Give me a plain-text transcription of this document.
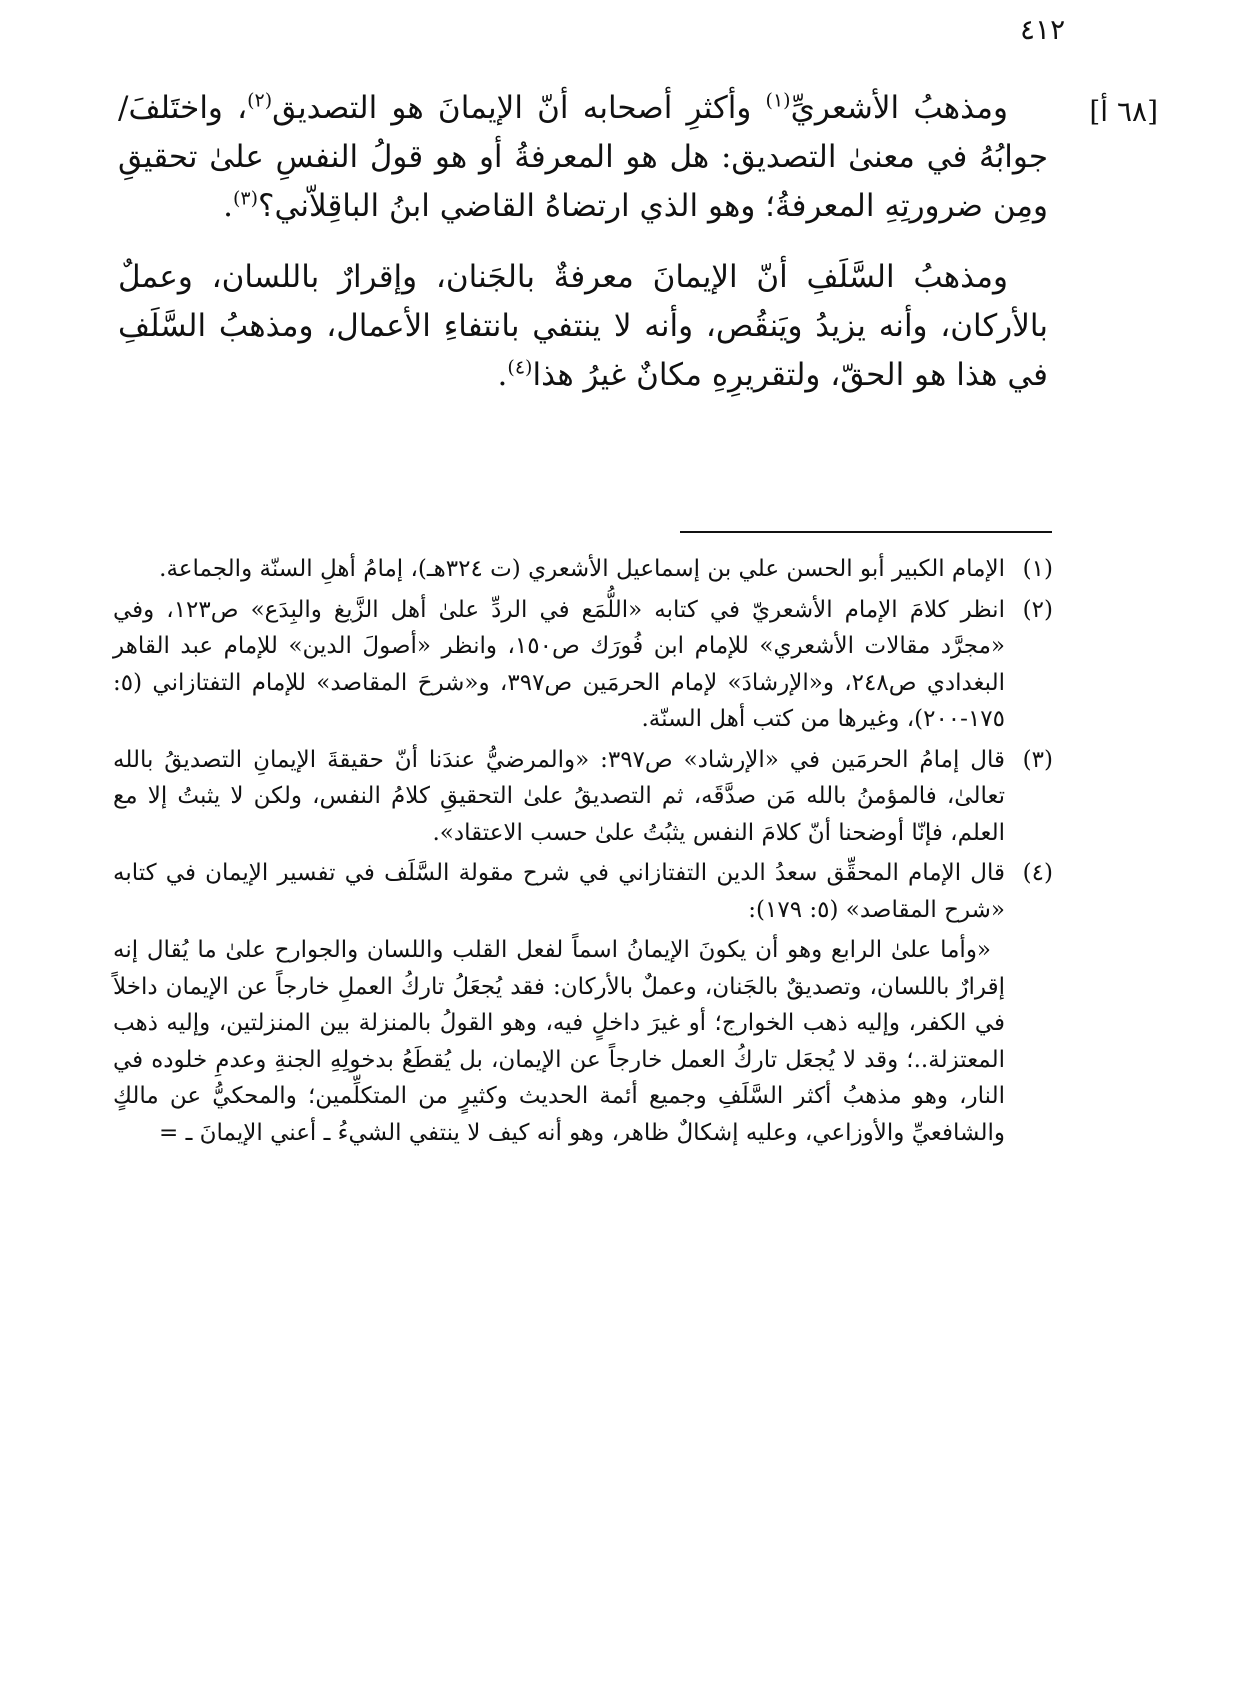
٤١٢
[٦٨ أ]

ومذهبُ الأشعريِّ$^{(١)}$ وأكثرِ أصحابه أنّ الإيمانَ هو التصديق$^{(٢)}$، واختَلفَ/ جوابُهُ في معنىٰ التصديق: هل هو المعرفةُ أو هو قولُ النفسِ علىٰ تحقيقِ ومِن ضرورتِهِ المعرفةُ؛ وهو الذي ارتضاهُ القاضي ابنُ الباقِلاّني؟$^{(٣)}$.

ومذهبُ السَّلَفِ أنّ الإيمانَ معرفةٌ بالجَنان، وإقرارٌ باللسان، وعملٌ بالأركان، وأنه يزيدُ ويَنقُص، وأنه لا ينتفي بانتفاءِ الأعمال، ومذهبُ السَّلَفِ في هذا هو الحقّ، ولتقريرِهِ مكانٌ غيرُ هذا$^{(٤)}$.

(١)
الإمام الكبير أبو الحسن علي بن إسماعيل الأشعري (ت ٣٢٤هـ)، إمامُ أهلِ السنّة والجماعة.
(٢)
انظر كلامَ الإمام الأشعريّ في كتابه «اللُّمَع في الردِّ علىٰ أهل الزَّيغ والبِدَع» ص١٢٣، وفي «مجرَّد مقالات الأشعري» للإمام ابن فُورَك ص١٥٠، وانظر «أصولَ الدين» للإمام عبد القاهر البغدادي ص٢٤٨، و«الإرشادَ» لإمام الحرمَين ص٣٩٧، و«شرحَ المقاصد» للإمام التفتازاني (٥: ١٧٥-٢٠٠)، وغيرها من كتب أهل السنّة.
(٣)
قال إمامُ الحرمَين في «الإرشاد» ص٣٩٧: «والمرضيُّ عندَنا أنّ حقيقةَ الإيمانِ التصديقُ بالله تعالىٰ، فالمؤمنُ بالله مَن صدَّقَه، ثم التصديقُ علىٰ التحقيقِ كلامُ النفس، ولكن لا يثبتُ إلا مع العلم، فإنّا أوضحنا أنّ كلامَ النفس يثبُتُ علىٰ حسب الاعتقاد».
(٤)
قال الإمام المحقِّق سعدُ الدين التفتازاني في شرح مقولة السَّلَف في تفسير الإيمان في كتابه «شرح المقاصد» (٥: ١٧٩):
«وأما علىٰ الرابع وهو أن يكونَ الإيمانُ اسماً لفعل القلب واللسان والجوارح علىٰ ما يُقال إنه إقرارٌ باللسان، وتصديقٌ بالجَنان، وعملٌ بالأركان: فقد يُجعَلُ تاركُ العملِ خارجاً عن الإيمان داخلاً في الكفر، وإليه ذهب الخوارج؛ أو غيرَ داخلٍ فيه، وهو القولُ بالمنزلة بين المنزلتين، وإليه ذهب المعتزلة..؛ وقد لا يُجعَل تاركُ العمل خارجاً عن الإيمان، بل يُقطَعُ بدخولِهِ الجنةِ وعدمِ خلوده في النار، وهو مذهبُ أكثر السَّلَفِ وجميع أئمة الحديث وكثيرٍ من المتكلِّمين؛ والمحكيُّ عن مالكٍ والشافعيِّ والأوزاعي، وعليه إشكالٌ ظاهر، وهو أنه كيف لا ينتفي الشيءُ ـ أعني الإيمانَ ـ =
